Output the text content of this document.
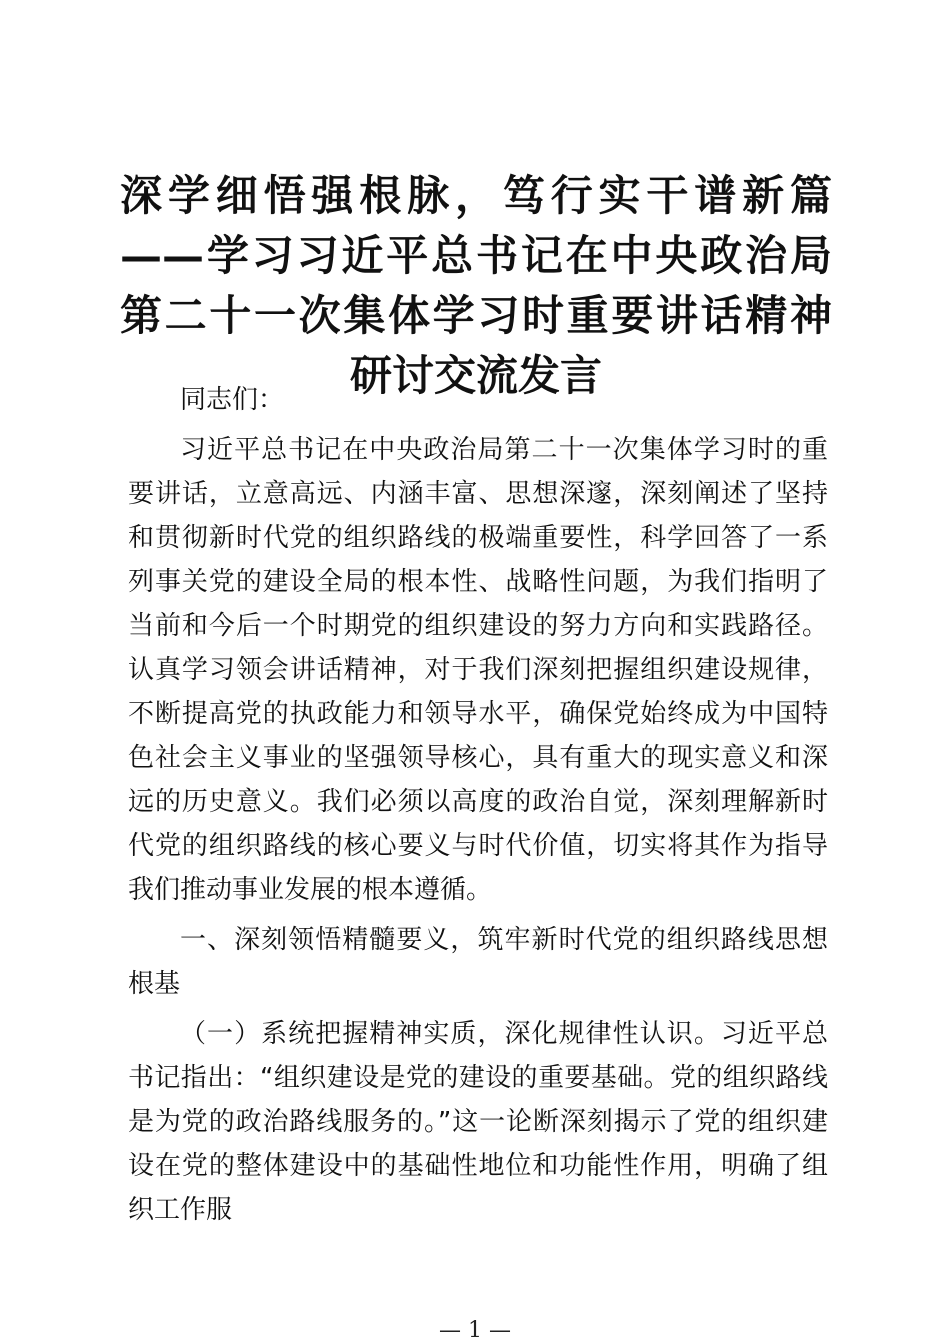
深学细悟强根脉，笃行实干谱新篇——学习习近平总书记在中央政治局第二十一次集体学习时重要讲话精神研讨交流发言

同志们：

习近平总书记在中央政治局第二十一次集体学习时的重要讲话，立意高远、内涵丰富、思想深邃，深刻阐述了坚持和贯彻新时代党的组织路线的极端重要性，科学回答了一系列事关党的建设全局的根本性、战略性问题，为我们指明了当前和今后一个时期党的组织建设的努力方向和实践路径。认真学习领会讲话精神，对于我们深刻把握组织建设规律，不断提高党的执政能力和领导水平，确保党始终成为中国特色社会主义事业的坚强领导核心，具有重大的现实意义和深远的历史意义。我们必须以高度的政治自觉，深刻理解新时代党的组织路线的核心要义与时代价值，切实将其作为指导我们推动事业发展的根本遵循。

一、深刻领悟精髓要义，筑牢新时代党的组织路线思想根基

（一）系统把握精神实质，深化规律性认识。习近平总书记指出：“组织建设是党的建设的重要基础。党的组织路线是为党的政治路线服务的。”这一论断深刻揭示了党的组织建设在党的整体建设中的基础性地位和功能性作用，明确了组织工作服

— 1 —
